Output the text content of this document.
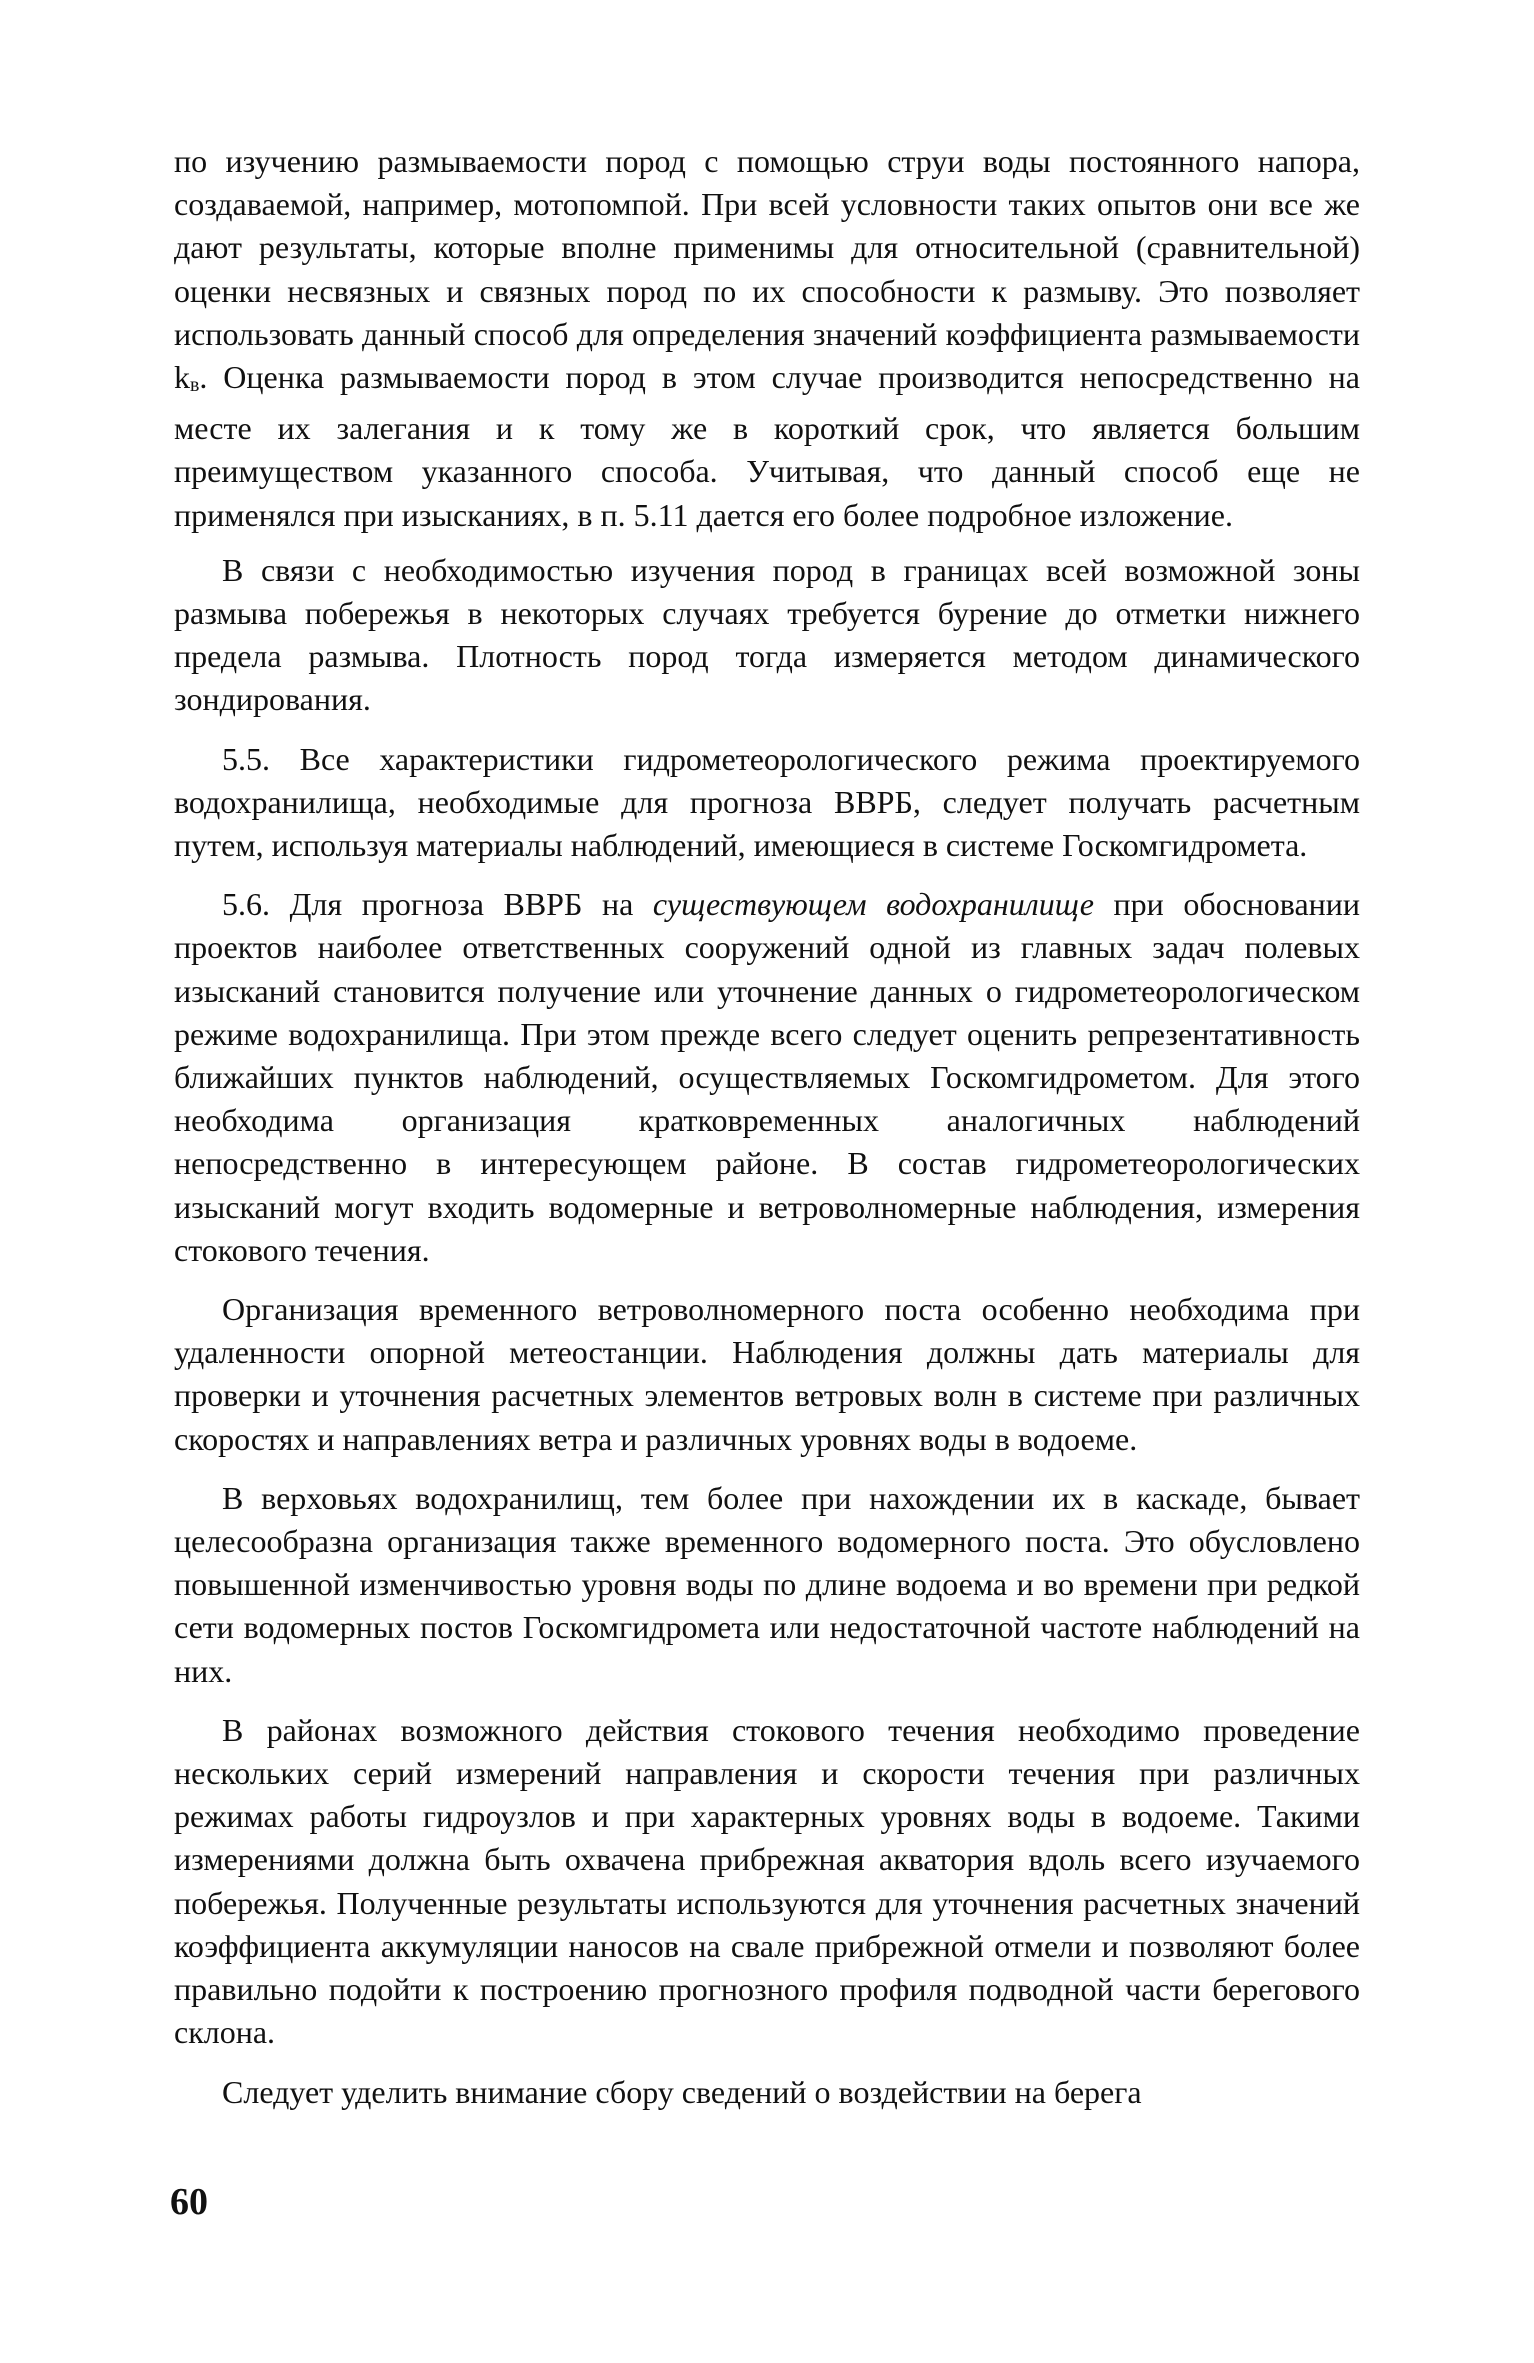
по изучению размываемости пород с помощью струи воды постоянного напора, создаваемой, например, мотопомпой. При всей условности таких опытов они все же дают результаты, которые вполне применимы для относительной (сравнительной) оценки несвязных и связных пород по их способности к размыву. Это позволяет использовать данный способ для определения значений коэффициента размываемости kв. Оценка размываемости пород в этом случае производится непосредственно на месте их залегания и к тому же в короткий срок, что является большим преимуществом указанного способа. Учитывая, что данный способ еще не применялся при изысканиях, в п. 5.11 дается его более подробное изложение.

В связи с необходимостью изучения пород в границах всей возможной зоны размыва побережья в некоторых случаях требуется бурение до отметки нижнего предела размыва. Плотность пород тогда измеряется методом динамического зондирования.

5.5. Все характеристики гидрометеорологического режима проектируемого водохранилища, необходимые для прогноза ВВРБ, следует получать расчетным путем, используя материалы наблюдений, имеющиеся в системе Госкомгидромета.

5.6. Для прогноза ВВРБ на существующем водохранилище при обосновании проектов наиболее ответственных сооружений одной из главных задач полевых изысканий становится получение или уточнение данных о гидрометеорологическом режиме водохранилища. При этом прежде всего следует оценить репрезентативность ближайших пунктов наблюдений, осуществляемых Госкомгидрометом. Для этого необходима организация кратковременных аналогичных наблюдений непосредственно в интересующем районе. В состав гидрометеорологических изысканий могут входить водомерные и ветроволномерные наблюдения, измерения стокового течения.

Организация временного ветроволномерного поста особенно необходима при удаленности опорной метеостанции. Наблюдения должны дать материалы для проверки и уточнения расчетных элементов ветровых волн в системе при различных скоростях и направлениях ветра и различных уровнях воды в водоеме.

В верховьях водохранилищ, тем более при нахождении их в каскаде, бывает целесообразна организация также временного водомерного поста. Это обусловлено повышенной изменчивостью уровня воды по длине водоема и во времени при редкой сети водомерных постов Госкомгидромета или недостаточной частоте наблюдений на них.

В районах возможного действия стокового течения необходимо проведение нескольких серий измерений направления и скорости течения при различных режимах работы гидроузлов и при характерных уровнях воды в водоеме. Такими измерениями должна быть охвачена прибрежная акватория вдоль всего изучаемого побережья. Полученные результаты используются для уточнения расчетных значений коэффициента аккумуляции наносов на свале прибрежной отмели и позволяют более правильно подойти к построению прогнозного профиля подводной части берегового склона.

Следует уделить внимание сбору сведений о воздействии на берега

60
